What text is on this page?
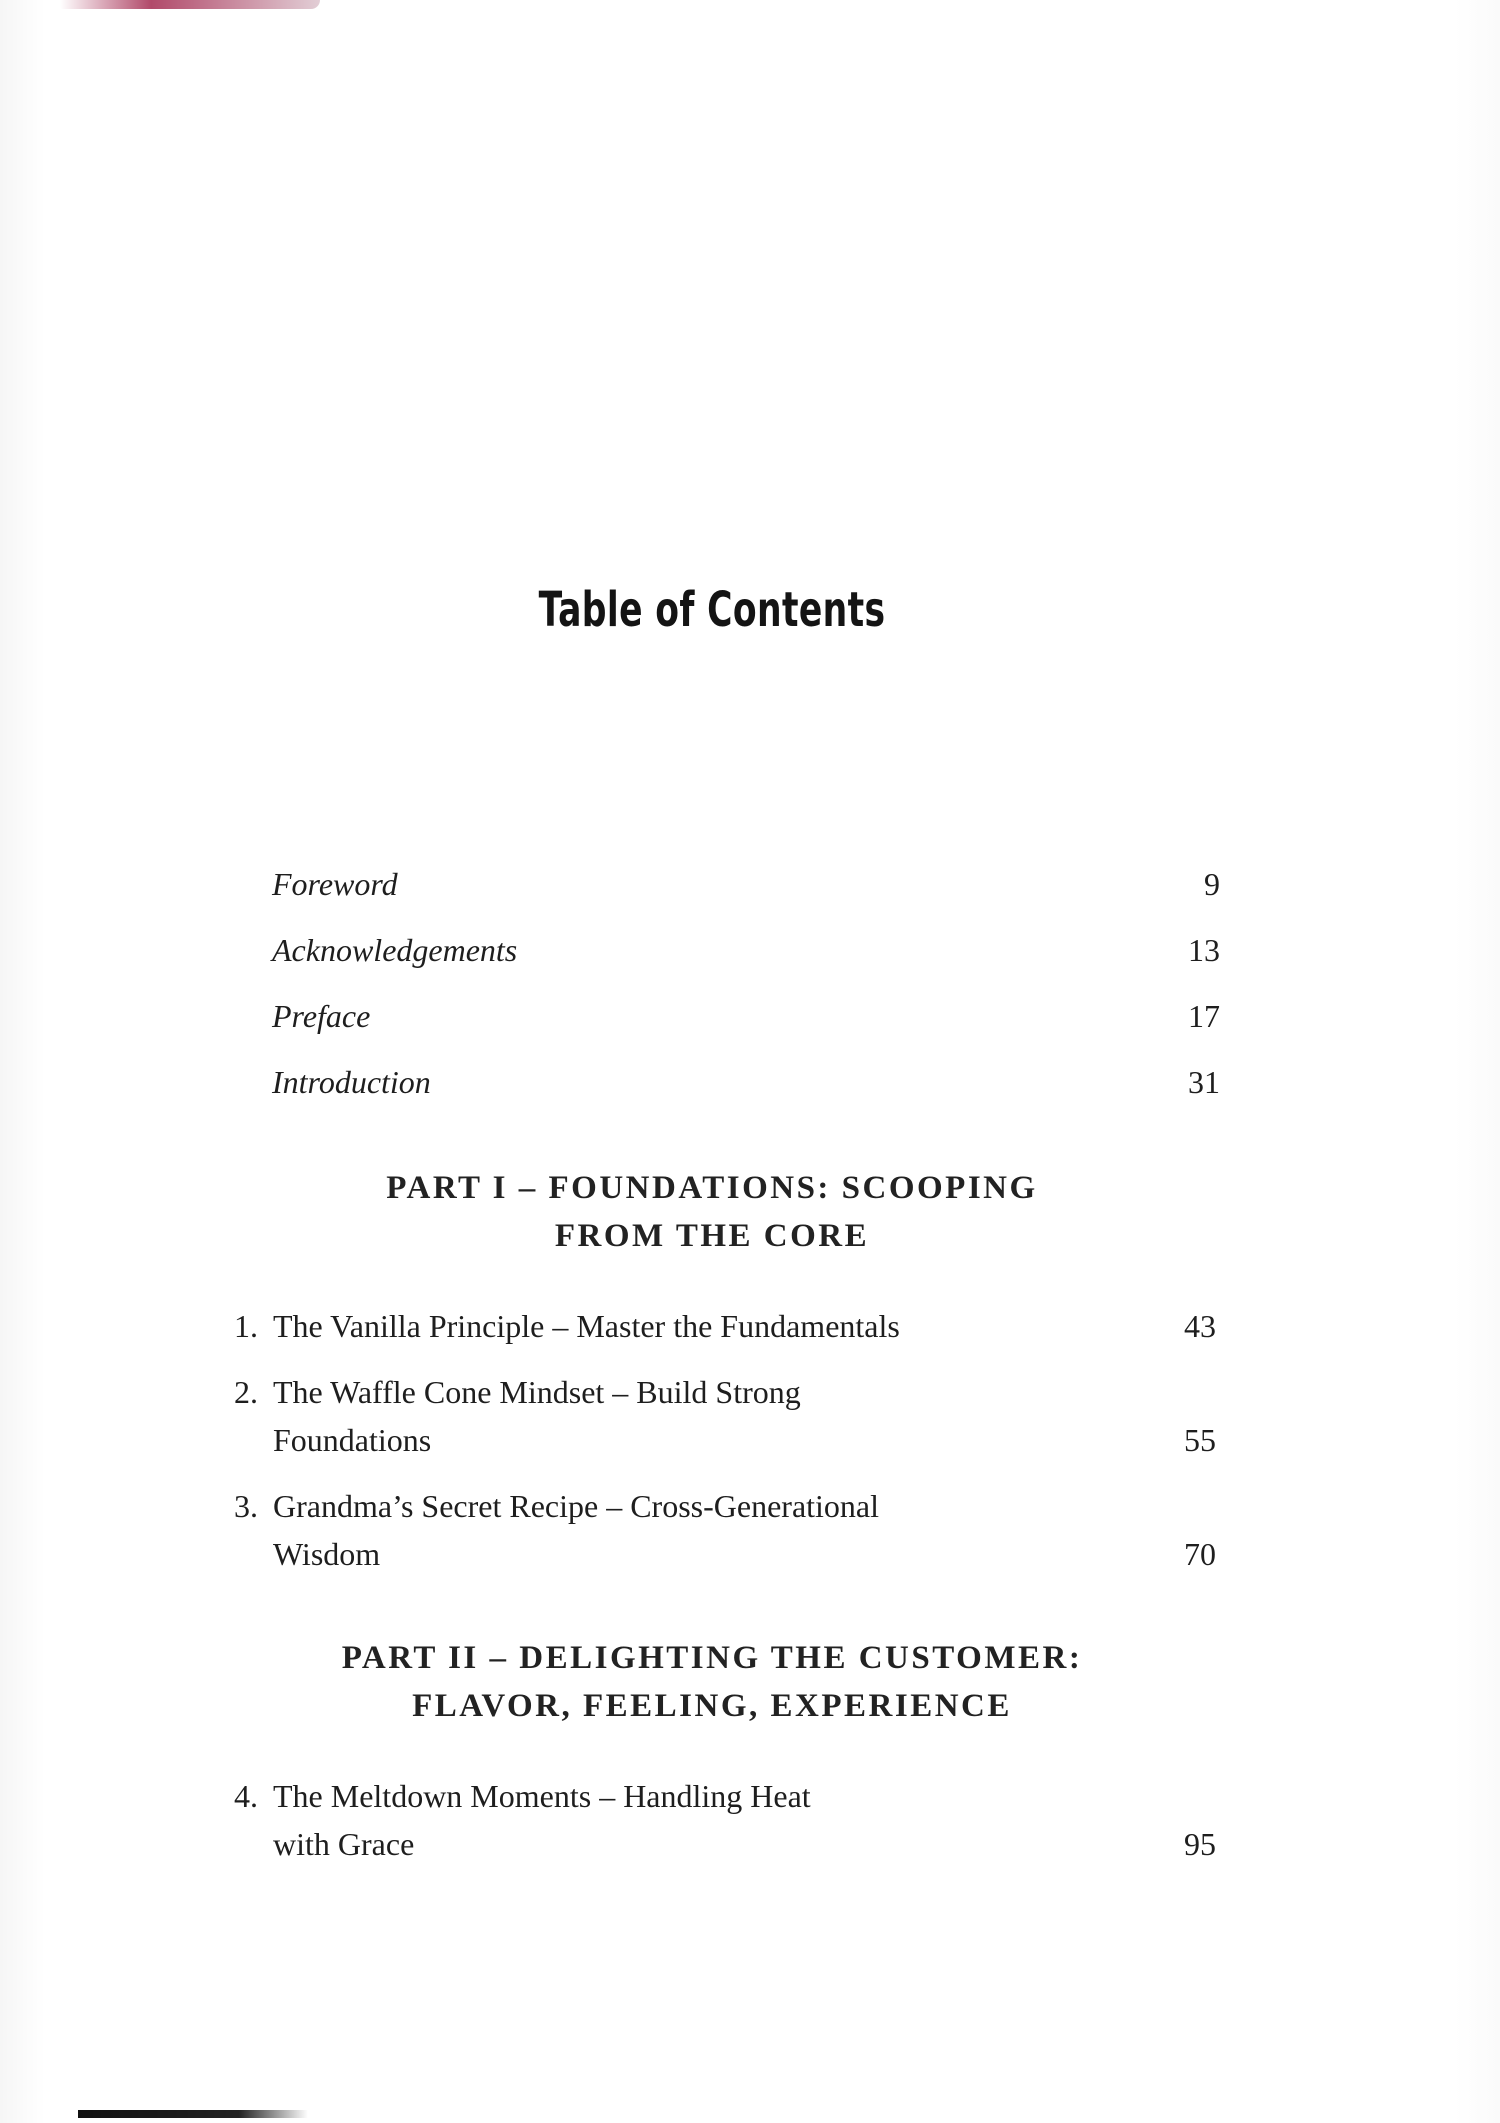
Table of Contents
Foreword	9
Acknowledgements	13
Preface	17
Introduction	31
PART I – FOUNDATIONS: SCOOPING
FROM THE CORE
1. The Vanilla Principle – Master the Fundamentals	43
2. The Waffle Cone Mindset – Build Strong
Foundations	55
3. Grandma’s Secret Recipe – Cross-Generational
Wisdom	70
PART II – DELIGHTING THE CUSTOMER:
FLAVOR, FEELING, EXPERIENCE
4. The Meltdown Moments – Handling Heat
with Grace	95
